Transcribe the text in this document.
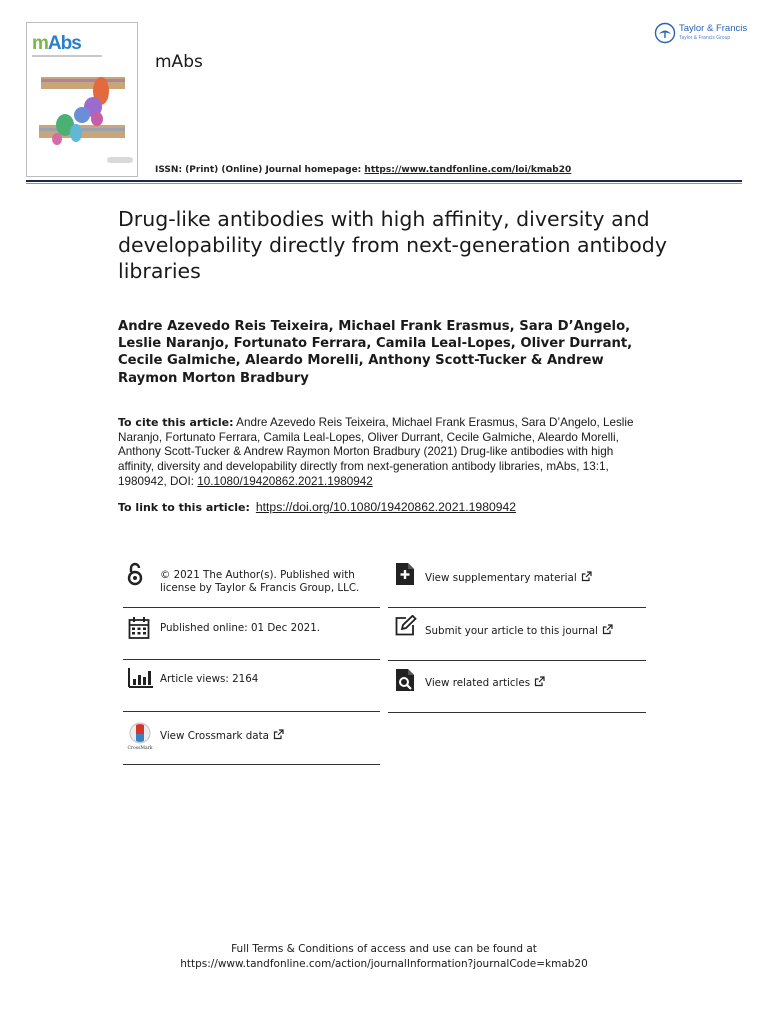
mAbs
mAbs
ISSN: (Print) (Online) Journal homepage: https://www.tandfonline.com/loi/kmab20
Taylor & Francis
Taylor & Francis Group
Drug-like antibodies with high affinity, diversity and developability directly from next-generation antibody libraries
Andre Azevedo Reis Teixeira, Michael Frank Erasmus, Sara D’Angelo, Leslie Naranjo, Fortunato Ferrara, Camila Leal-Lopes, Oliver Durrant, Cecile Galmiche, Aleardo Morelli, Anthony Scott-Tucker & Andrew Raymon Morton Bradbury
To cite this article: Andre Azevedo Reis Teixeira, Michael Frank Erasmus, Sara D’Angelo, Leslie Naranjo, Fortunato Ferrara, Camila Leal-Lopes, Oliver Durrant, Cecile Galmiche, Aleardo Morelli, Anthony Scott-Tucker & Andrew Raymon Morton Bradbury (2021) Drug-like antibodies with high affinity, diversity and developability directly from next-generation antibody libraries, mAbs, 13:1, 1980942, DOI: 10.1080/19420862.2021.1980942
To link to this article: https://doi.org/10.1080/19420862.2021.1980942
© 2021 The Author(s). Published with license by Taylor & Francis Group, LLC.
Published online: 01 Dec 2021.
Article views: 2164
CrossMark
View Crossmark data
View supplementary material
Submit your article to this journal
View related articles
Full Terms & Conditions of access and use can be found at
https://www.tandfonline.com/action/journalInformation?journalCode=kmab20
